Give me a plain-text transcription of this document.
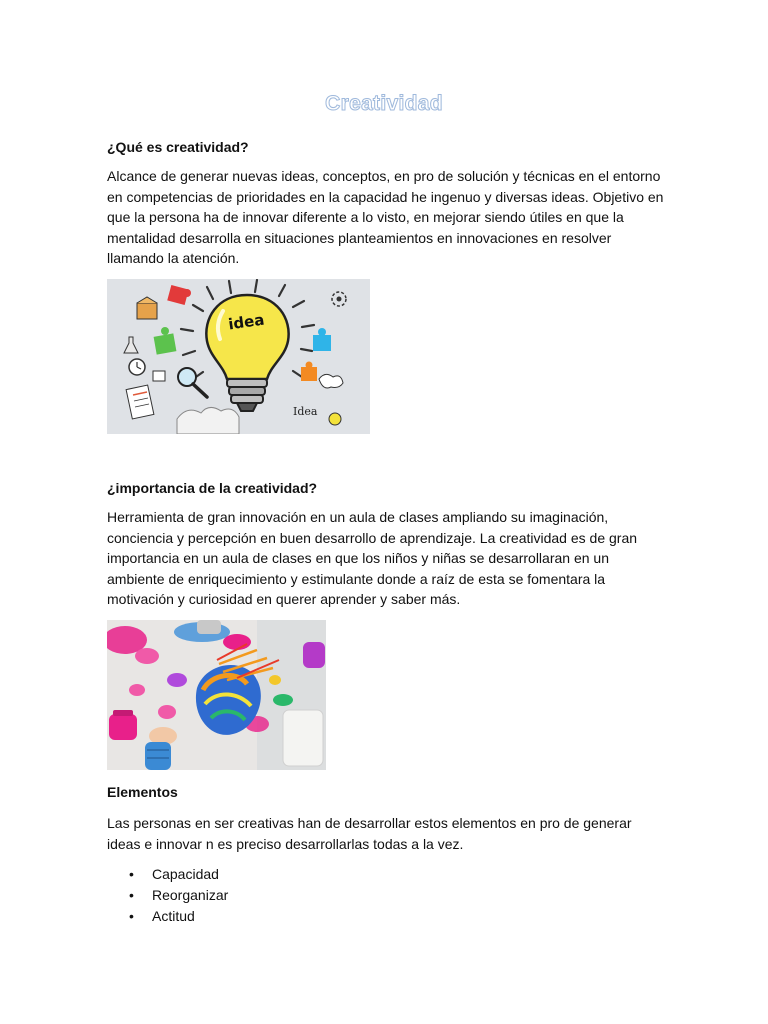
Creatividad
¿Qué es creatividad?

Alcance de generar nuevas ideas, conceptos, en pro de solución y técnicas en el entorno en competencias de prioridades en la capacidad he ingenuo y diversas ideas. Objetivo en que la persona ha de innovar diferente a lo visto, en mejorar siendo útiles en que la mentalidad desarrolla en situaciones planteamientos en innovaciones en resolver llamando la atención.

idea
Idea
¿importancia de la creatividad?

Herramienta de gran innovación en un aula de clases ampliando su imaginación, conciencia y percepción en buen desarrollo de aprendizaje. La creatividad es de gran importancia en un aula de clases en que los niños y niñas se desarrollaran en un ambiente de enriquecimiento y estimulante donde a raíz de esta se fomentara la motivación y curiosidad en querer aprender y saber más.

Elementos

Las personas en ser creativas han de desarrollar estos elementos en pro de generar ideas e innovar n es preciso desarrollarlas todas a la vez.

• Capacidad
• Reorganizar
• Actitud
